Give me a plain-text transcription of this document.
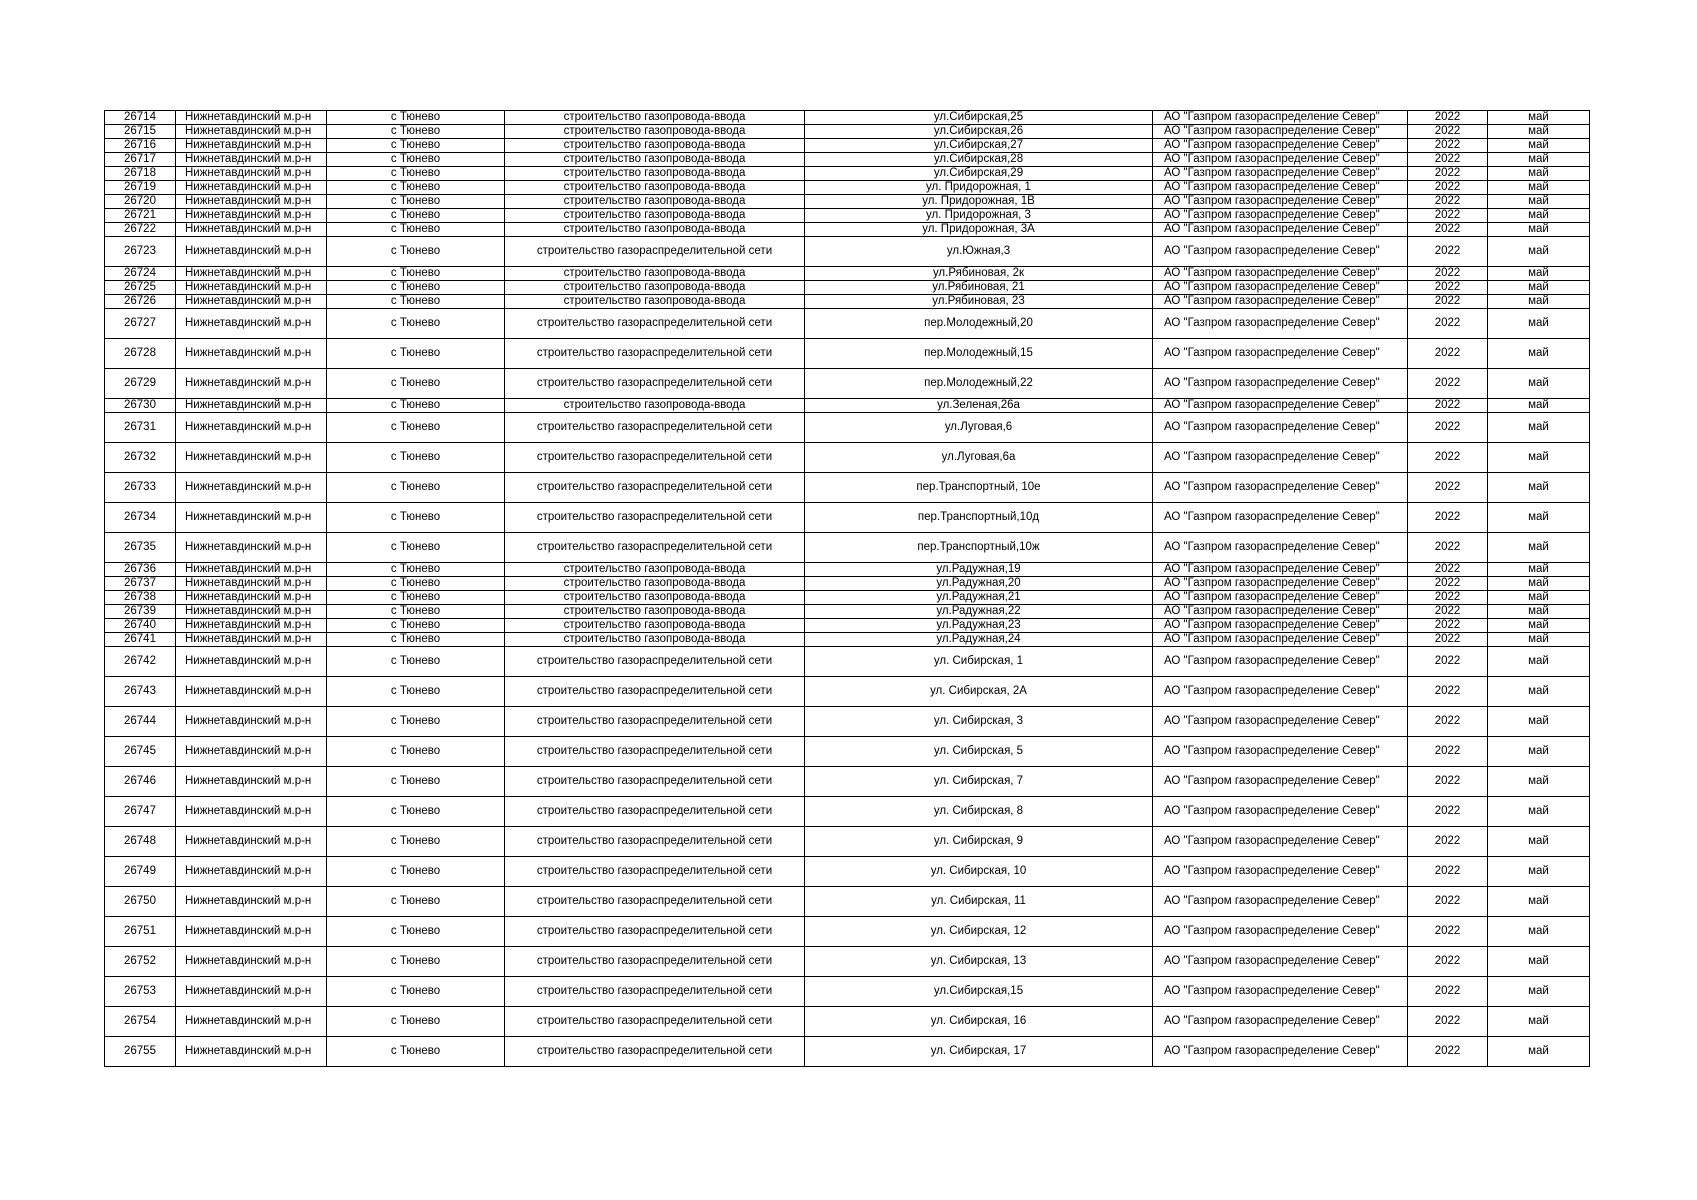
26714	Нижнетавдинский м.р-н	с Тюнево	строительство газопровода-ввода	ул.Сибирская,25	АО "Газпром газораспределение Север"	2022	май
26715	Нижнетавдинский м.р-н	с Тюнево	строительство газопровода-ввода	ул.Сибирская,26	АО "Газпром газораспределение Север"	2022	май
26716	Нижнетавдинский м.р-н	с Тюнево	строительство газопровода-ввода	ул.Сибирская,27	АО "Газпром газораспределение Север"	2022	май
26717	Нижнетавдинский м.р-н	с Тюнево	строительство газопровода-ввода	ул.Сибирская,28	АО "Газпром газораспределение Север"	2022	май
26718	Нижнетавдинский м.р-н	с Тюнево	строительство газопровода-ввода	ул.Сибирская,29	АО "Газпром газораспределение Север"	2022	май
26719	Нижнетавдинский м.р-н	с Тюнево	строительство газопровода-ввода	ул. Придорожная, 1	АО "Газпром газораспределение Север"	2022	май
26720	Нижнетавдинский м.р-н	с Тюнево	строительство газопровода-ввода	ул. Придорожная, 1В	АО "Газпром газораспределение Север"	2022	май
26721	Нижнетавдинский м.р-н	с Тюнево	строительство газопровода-ввода	ул. Придорожная, 3	АО "Газпром газораспределение Север"	2022	май
26722	Нижнетавдинский м.р-н	с Тюнево	строительство газопровода-ввода	ул. Придорожная, 3А	АО "Газпром газораспределение Север"	2022	май
26723	Нижнетавдинский м.р-н	с Тюнево	строительство газораспределительной сети	ул.Южная,3	АО "Газпром газораспределение Север"	2022	май
26724	Нижнетавдинский м.р-н	с Тюнево	строительство газопровода-ввода	ул.Рябиновая, 2к	АО "Газпром газораспределение Север"	2022	май
26725	Нижнетавдинский м.р-н	с Тюнево	строительство газопровода-ввода	ул.Рябиновая, 21	АО "Газпром газораспределение Север"	2022	май
26726	Нижнетавдинский м.р-н	с Тюнево	строительство газопровода-ввода	ул.Рябиновая, 23	АО "Газпром газораспределение Север"	2022	май
26727	Нижнетавдинский м.р-н	с Тюнево	строительство газораспределительной сети	пер.Молодежный,20	АО "Газпром газораспределение Север"	2022	май
26728	Нижнетавдинский м.р-н	с Тюнево	строительство газораспределительной сети	пер.Молодежный,15	АО "Газпром газораспределение Север"	2022	май
26729	Нижнетавдинский м.р-н	с Тюнево	строительство газораспределительной сети	пер.Молодежный,22	АО "Газпром газораспределение Север"	2022	май
26730	Нижнетавдинский м.р-н	с Тюнево	строительство газопровода-ввода	ул.Зеленая,26а	АО "Газпром газораспределение Север"	2022	май
26731	Нижнетавдинский м.р-н	с Тюнево	строительство газораспределительной сети	ул.Луговая,6	АО "Газпром газораспределение Север"	2022	май
26732	Нижнетавдинский м.р-н	с Тюнево	строительство газораспределительной сети	ул.Луговая,6а	АО "Газпром газораспределение Север"	2022	май
26733	Нижнетавдинский м.р-н	с Тюнево	строительство газораспределительной сети	пер.Транспортный, 10е	АО "Газпром газораспределение Север"	2022	май
26734	Нижнетавдинский м.р-н	с Тюнево	строительство газораспределительной сети	пер.Транспортный,10д	АО "Газпром газораспределение Север"	2022	май
26735	Нижнетавдинский м.р-н	с Тюнево	строительство газораспределительной сети	пер.Транспортный,10ж	АО "Газпром газораспределение Север"	2022	май
26736	Нижнетавдинский м.р-н	с Тюнево	строительство газопровода-ввода	ул.Радужная,19	АО "Газпром газораспределение Север"	2022	май
26737	Нижнетавдинский м.р-н	с Тюнево	строительство газопровода-ввода	ул.Радужная,20	АО "Газпром газораспределение Север"	2022	май
26738	Нижнетавдинский м.р-н	с Тюнево	строительство газопровода-ввода	ул.Радужная,21	АО "Газпром газораспределение Север"	2022	май
26739	Нижнетавдинский м.р-н	с Тюнево	строительство газопровода-ввода	ул.Радужная,22	АО "Газпром газораспределение Север"	2022	май
26740	Нижнетавдинский м.р-н	с Тюнево	строительство газопровода-ввода	ул.Радужная,23	АО "Газпром газораспределение Север"	2022	май
26741	Нижнетавдинский м.р-н	с Тюнево	строительство газопровода-ввода	ул.Радужная,24	АО "Газпром газораспределение Север"	2022	май
26742	Нижнетавдинский м.р-н	с Тюнево	строительство газораспределительной сети	ул. Сибирская, 1	АО "Газпром газораспределение Север"	2022	май
26743	Нижнетавдинский м.р-н	с Тюнево	строительство газораспределительной сети	ул. Сибирская, 2А	АО "Газпром газораспределение Север"	2022	май
26744	Нижнетавдинский м.р-н	с Тюнево	строительство газораспределительной сети	ул. Сибирская, 3	АО "Газпром газораспределение Север"	2022	май
26745	Нижнетавдинский м.р-н	с Тюнево	строительство газораспределительной сети	ул. Сибирская, 5	АО "Газпром газораспределение Север"	2022	май
26746	Нижнетавдинский м.р-н	с Тюнево	строительство газораспределительной сети	ул. Сибирская, 7	АО "Газпром газораспределение Север"	2022	май
26747	Нижнетавдинский м.р-н	с Тюнево	строительство газораспределительной сети	ул. Сибирская, 8	АО "Газпром газораспределение Север"	2022	май
26748	Нижнетавдинский м.р-н	с Тюнево	строительство газораспределительной сети	ул. Сибирская, 9	АО "Газпром газораспределение Север"	2022	май
26749	Нижнетавдинский м.р-н	с Тюнево	строительство газораспределительной сети	ул. Сибирская, 10	АО "Газпром газораспределение Север"	2022	май
26750	Нижнетавдинский м.р-н	с Тюнево	строительство газораспределительной сети	ул. Сибирская, 11	АО "Газпром газораспределение Север"	2022	май
26751	Нижнетавдинский м.р-н	с Тюнево	строительство газораспределительной сети	ул. Сибирская, 12	АО "Газпром газораспределение Север"	2022	май
26752	Нижнетавдинский м.р-н	с Тюнево	строительство газораспределительной сети	ул. Сибирская, 13	АО "Газпром газораспределение Север"	2022	май
26753	Нижнетавдинский м.р-н	с Тюнево	строительство газораспределительной сети	ул.Сибирская,15	АО "Газпром газораспределение Север"	2022	май
26754	Нижнетавдинский м.р-н	с Тюнево	строительство газораспределительной сети	ул. Сибирская, 16	АО "Газпром газораспределение Север"	2022	май
26755	Нижнетавдинский м.р-н	с Тюнево	строительство газораспределительной сети	ул. Сибирская, 17	АО "Газпром газораспределение Север"	2022	май
